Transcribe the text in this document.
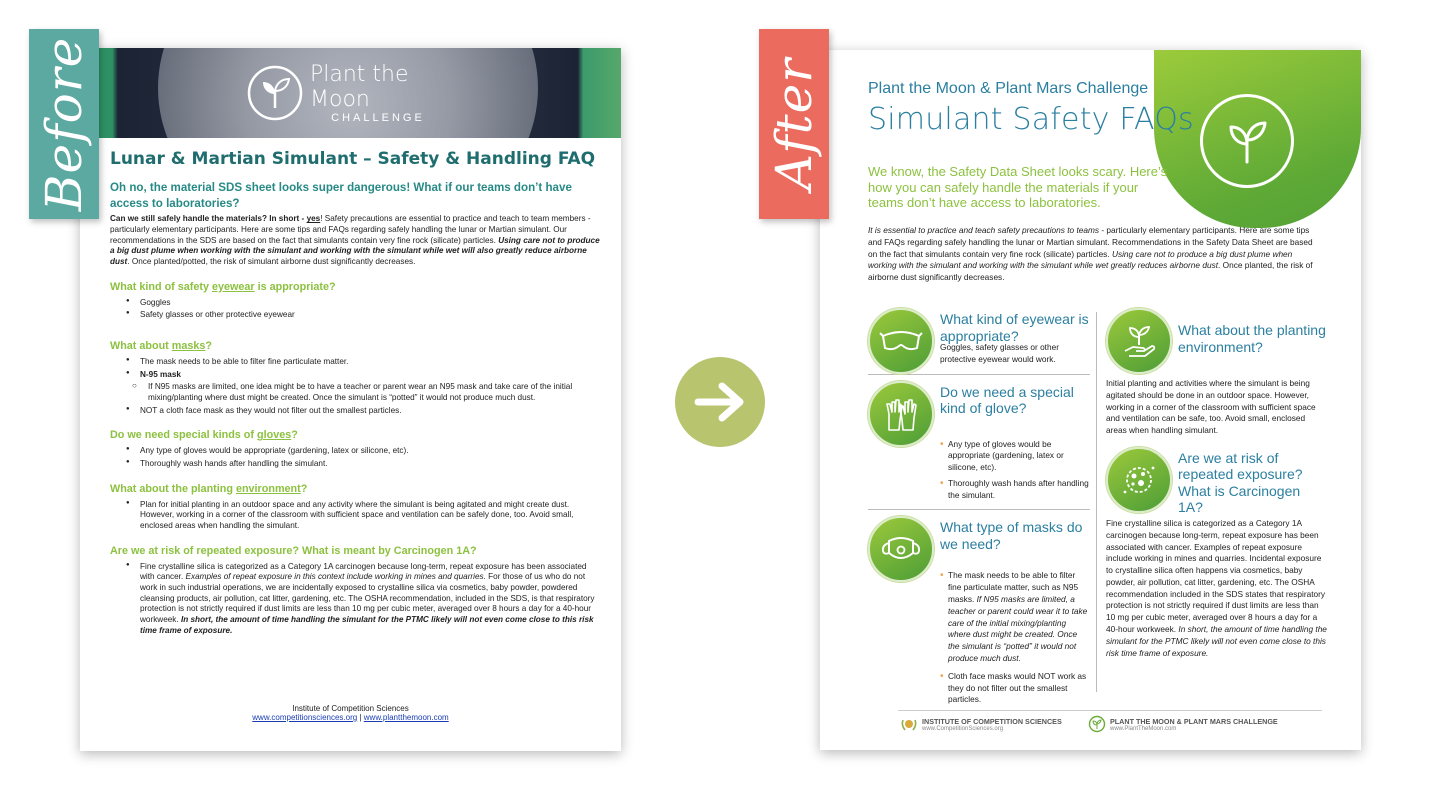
Plant the Moon
CHALLENGE
Lunar & Martian Simulant – Safety & Handling FAQ
Oh no, the material SDS sheet looks super dangerous! What if our teams don’t have access to laboratories?

Can we still safely handle the materials? In short - yes! Safety precautions are essential to practice and teach to team members - particularly elementary participants. Here are some tips and FAQs regarding safely handling the lunar or Martian simulant. Our recommendations in the SDS are based on the fact that simulants contain very fine rock (silicate) particles. Using care not to produce a big dust plume when working with the simulant and working with the simulant while wet will also greatly reduce airborne dust. Once planted/potted, the risk of simulant airborne dust significantly decreases.

What kind of safety eyewear is appropriate?
● Goggles
● Safety glasses or other protective eyewear
What about masks?
● The mask needs to be able to filter fine particulate matter.
● N-95 mask
○ If N95 masks are limited, one idea might be to have a teacher or parent wear an N95 mask and take care of the initial mixing/planting where dust might be created. Once the simulant is “potted” it would not produce much dust.
● NOT a cloth face mask as they would not filter out the smallest particles.
Do we need special kinds of gloves?
● Any type of gloves would be appropriate (gardening, latex or silicone, etc).
● Thoroughly wash hands after handling the simulant.
What about the planting environment?
● Plan for initial planting in an outdoor space and any activity where the simulant is being agitated and might create dust. However, working in a corner of the classroom with sufficient space and ventilation can be safely done, too. Avoid small, enclosed areas when handling the simulant.
Are we at risk of repeated exposure? What is meant by Carcinogen 1A?
● Fine crystalline silica is categorized as a Category 1A carcinogen because long-term, repeat exposure has been associated with cancer. Examples of repeat exposure in this context include working in mines and quarries. For those of us who do not work in such industrial operations, we are incidentally exposed to crystalline silica via cosmetics, baby powder, powdered cleansing products, air pollution, cat litter, gardening, etc. The OSHA recommendation, included in the SDS, is that respiratory protection is not strictly required if dust limits are less than 10 mg per cubic meter, averaged over 8 hours a day for a 40-hour workweek. In short, the amount of time handling the simulant for the PTMC likely will not even come close to this risk time frame of exposure.
Institute of Competition Sciences
www.competitionsciences.org | www.plantthemoon.com
Before	Plant the Moon & Plant Mars Challenge
Simulant Safety FAQs
We know, the Safety Data Sheet looks scary. Here’s how you can safely handle the materials if your teams don’t have access to laboratories.
It is essential to practice and teach safety precautions to teams - particularly elementary participants. Here are some tips and FAQs regarding safely handling the lunar or Martian simulant. Recommendations in the Safety Data Sheet are based on the fact that simulants contain very fine rock (silicate) particles. Using care not to produce a big dust plume when working with the simulant and working with the simulant while wet greatly reduces airborne dust. Once planted, the risk of airborne dust significantly decreases.
What kind of eyewear is appropriate?
Goggles, safety glasses or other protective eyewear would work.
Do we need a special kind of glove?
• Any type of gloves would be appropriate (gardening, latex or silicone, etc).
• Thoroughly wash hands after handling the simulant.
What type of masks do we need?
• The mask needs to be able to filter fine particulate matter, such as N95 masks. If N95 masks are limited, a teacher or parent could wear it to take care of the initial mixing/planting where dust might be created. Once the simulant is “potted” it would not produce much dust.
• Cloth face masks would NOT work as they do not filter out the smallest particles.
What about the planting environment?
Initial planting and activities where the simulant is being agitated should be done in an outdoor space. However, working in a corner of the classroom with sufficient space and ventilation can be safe, too. Avoid small, enclosed areas when handling simulant.
Are we at risk of repeated exposure? What is Carcinogen 1A?
Fine crystalline silica is categorized as a Category 1A carcinogen because long-term, repeat exposure has been associated with cancer. Examples of repeat exposure include working in mines and quarries. Incidental exposure to crystalline silica often happens via cosmetics, baby powder, air pollution, cat litter, gardening, etc. The OSHA recommendation included in the SDS states that respiratory protection is not strictly required if dust limits are less than 10 mg per cubic meter, averaged over 8 hours a day for a 40-hour workweek. In short, the amount of time handling the simulant for the PTMC likely will not even come close to this risk time frame of exposure.
INSTITUTE OF COMPETITION SCIENCES
www.CompetitionSciences.org
PLANT THE MOON & PLANT MARS CHALLENGE
www.PlantTheMoon.com
After
